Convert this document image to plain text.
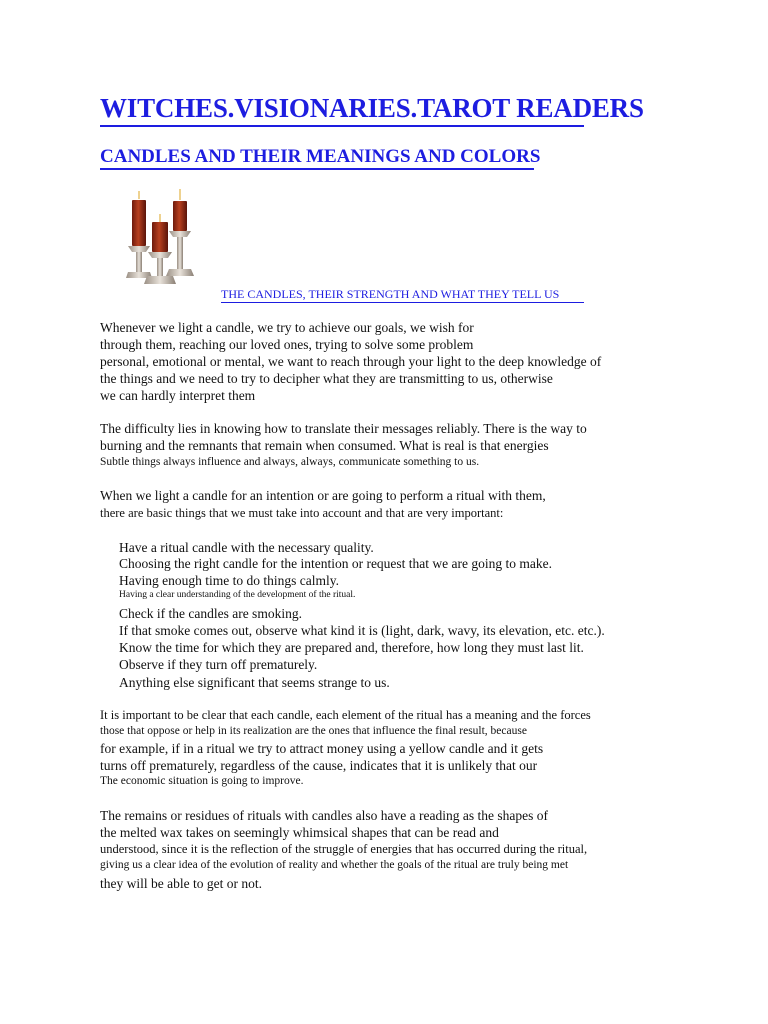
WITCHES.VISIONARIES.TAROT READERS
CANDLES AND THEIR MEANINGS AND COLORS
THE CANDLES, THEIR STRENGTH AND WHAT THEY TELL US
Whenever we light a candle, we try to achieve our goals, we wish for
through them, reaching our loved ones, trying to solve some problem
personal, emotional or mental, we want to reach through your light to the deep knowledge of
the things and we need to try to decipher what they are transmitting to us, otherwise
we can hardly interpret them
The difficulty lies in knowing how to translate their messages reliably. There is the way to
burning and the remnants that remain when consumed. What is real is that energies
Subtle things always influence and always, always, communicate something to us.
When we light a candle for an intention or are going to perform a ritual with them,
there are basic things that we must take into account and that are very important:
Have a ritual candle with the necessary quality.
Choosing the right candle for the intention or request that we are going to make.
Having enough time to do things calmly.
Having a clear understanding of the development of the ritual.
Check if the candles are smoking.
If that smoke comes out, observe what kind it is (light, dark, wavy, its elevation, etc. etc.).
Know the time for which they are prepared and, therefore, how long they must last lit.
Observe if they turn off prematurely.
Anything else significant that seems strange to us.
It is important to be clear that each candle, each element of the ritual has a meaning and the forces
those that oppose or help in its realization are the ones that influence the final result, because
for example, if in a ritual we try to attract money using a yellow candle and it gets
turns off prematurely, regardless of the cause, indicates that it is unlikely that our
The economic situation is going to improve.
The remains or residues of rituals with candles also have a reading as the shapes of
the melted wax takes on seemingly whimsical shapes that can be read and
understood, since it is the reflection of the struggle of energies that has occurred during the ritual,
giving us a clear idea of the evolution of reality and whether the goals of the ritual are truly being met
they will be able to get or not.
